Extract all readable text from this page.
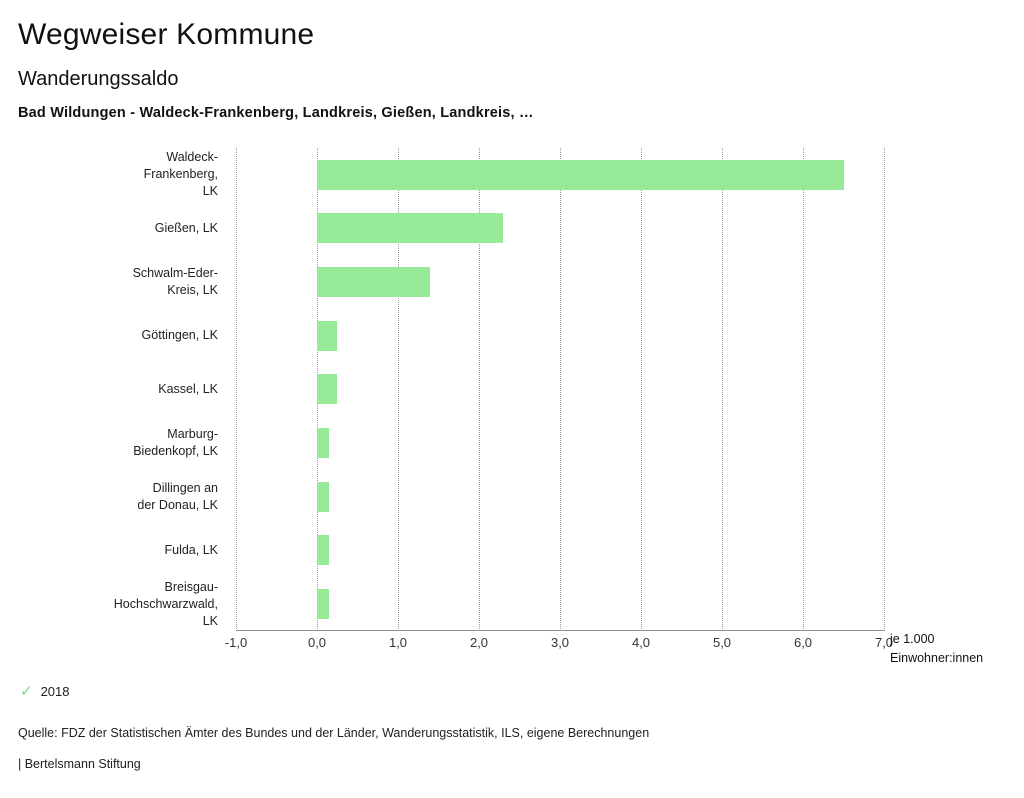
Wegweiser Kommune
Wanderungssaldo
Bad Wildungen - Waldeck-Frankenberg, Landkreis, Gießen, Landkreis, …
-1,0	0,0	1,0	2,0	3,0	4,0	5,0	6,0	7,0
je 1.000
Einwohner:innen
Waldeck-
Frankenberg,
LK
Gießen, LK
Schwalm-Eder-
Kreis, LK
Göttingen, LK
Kassel, LK
Marburg-
Biedenkopf, LK
Dillingen an
der Donau, LK
Fulda, LK
Breisgau-
Hochschwarzwald,
LK
✓ 2018
Quelle: FDZ der Statistischen Ämter des Bundes und der Länder, Wanderungsstatistik, ILS, eigene Berechnungen
| Bertelsmann Stiftung
